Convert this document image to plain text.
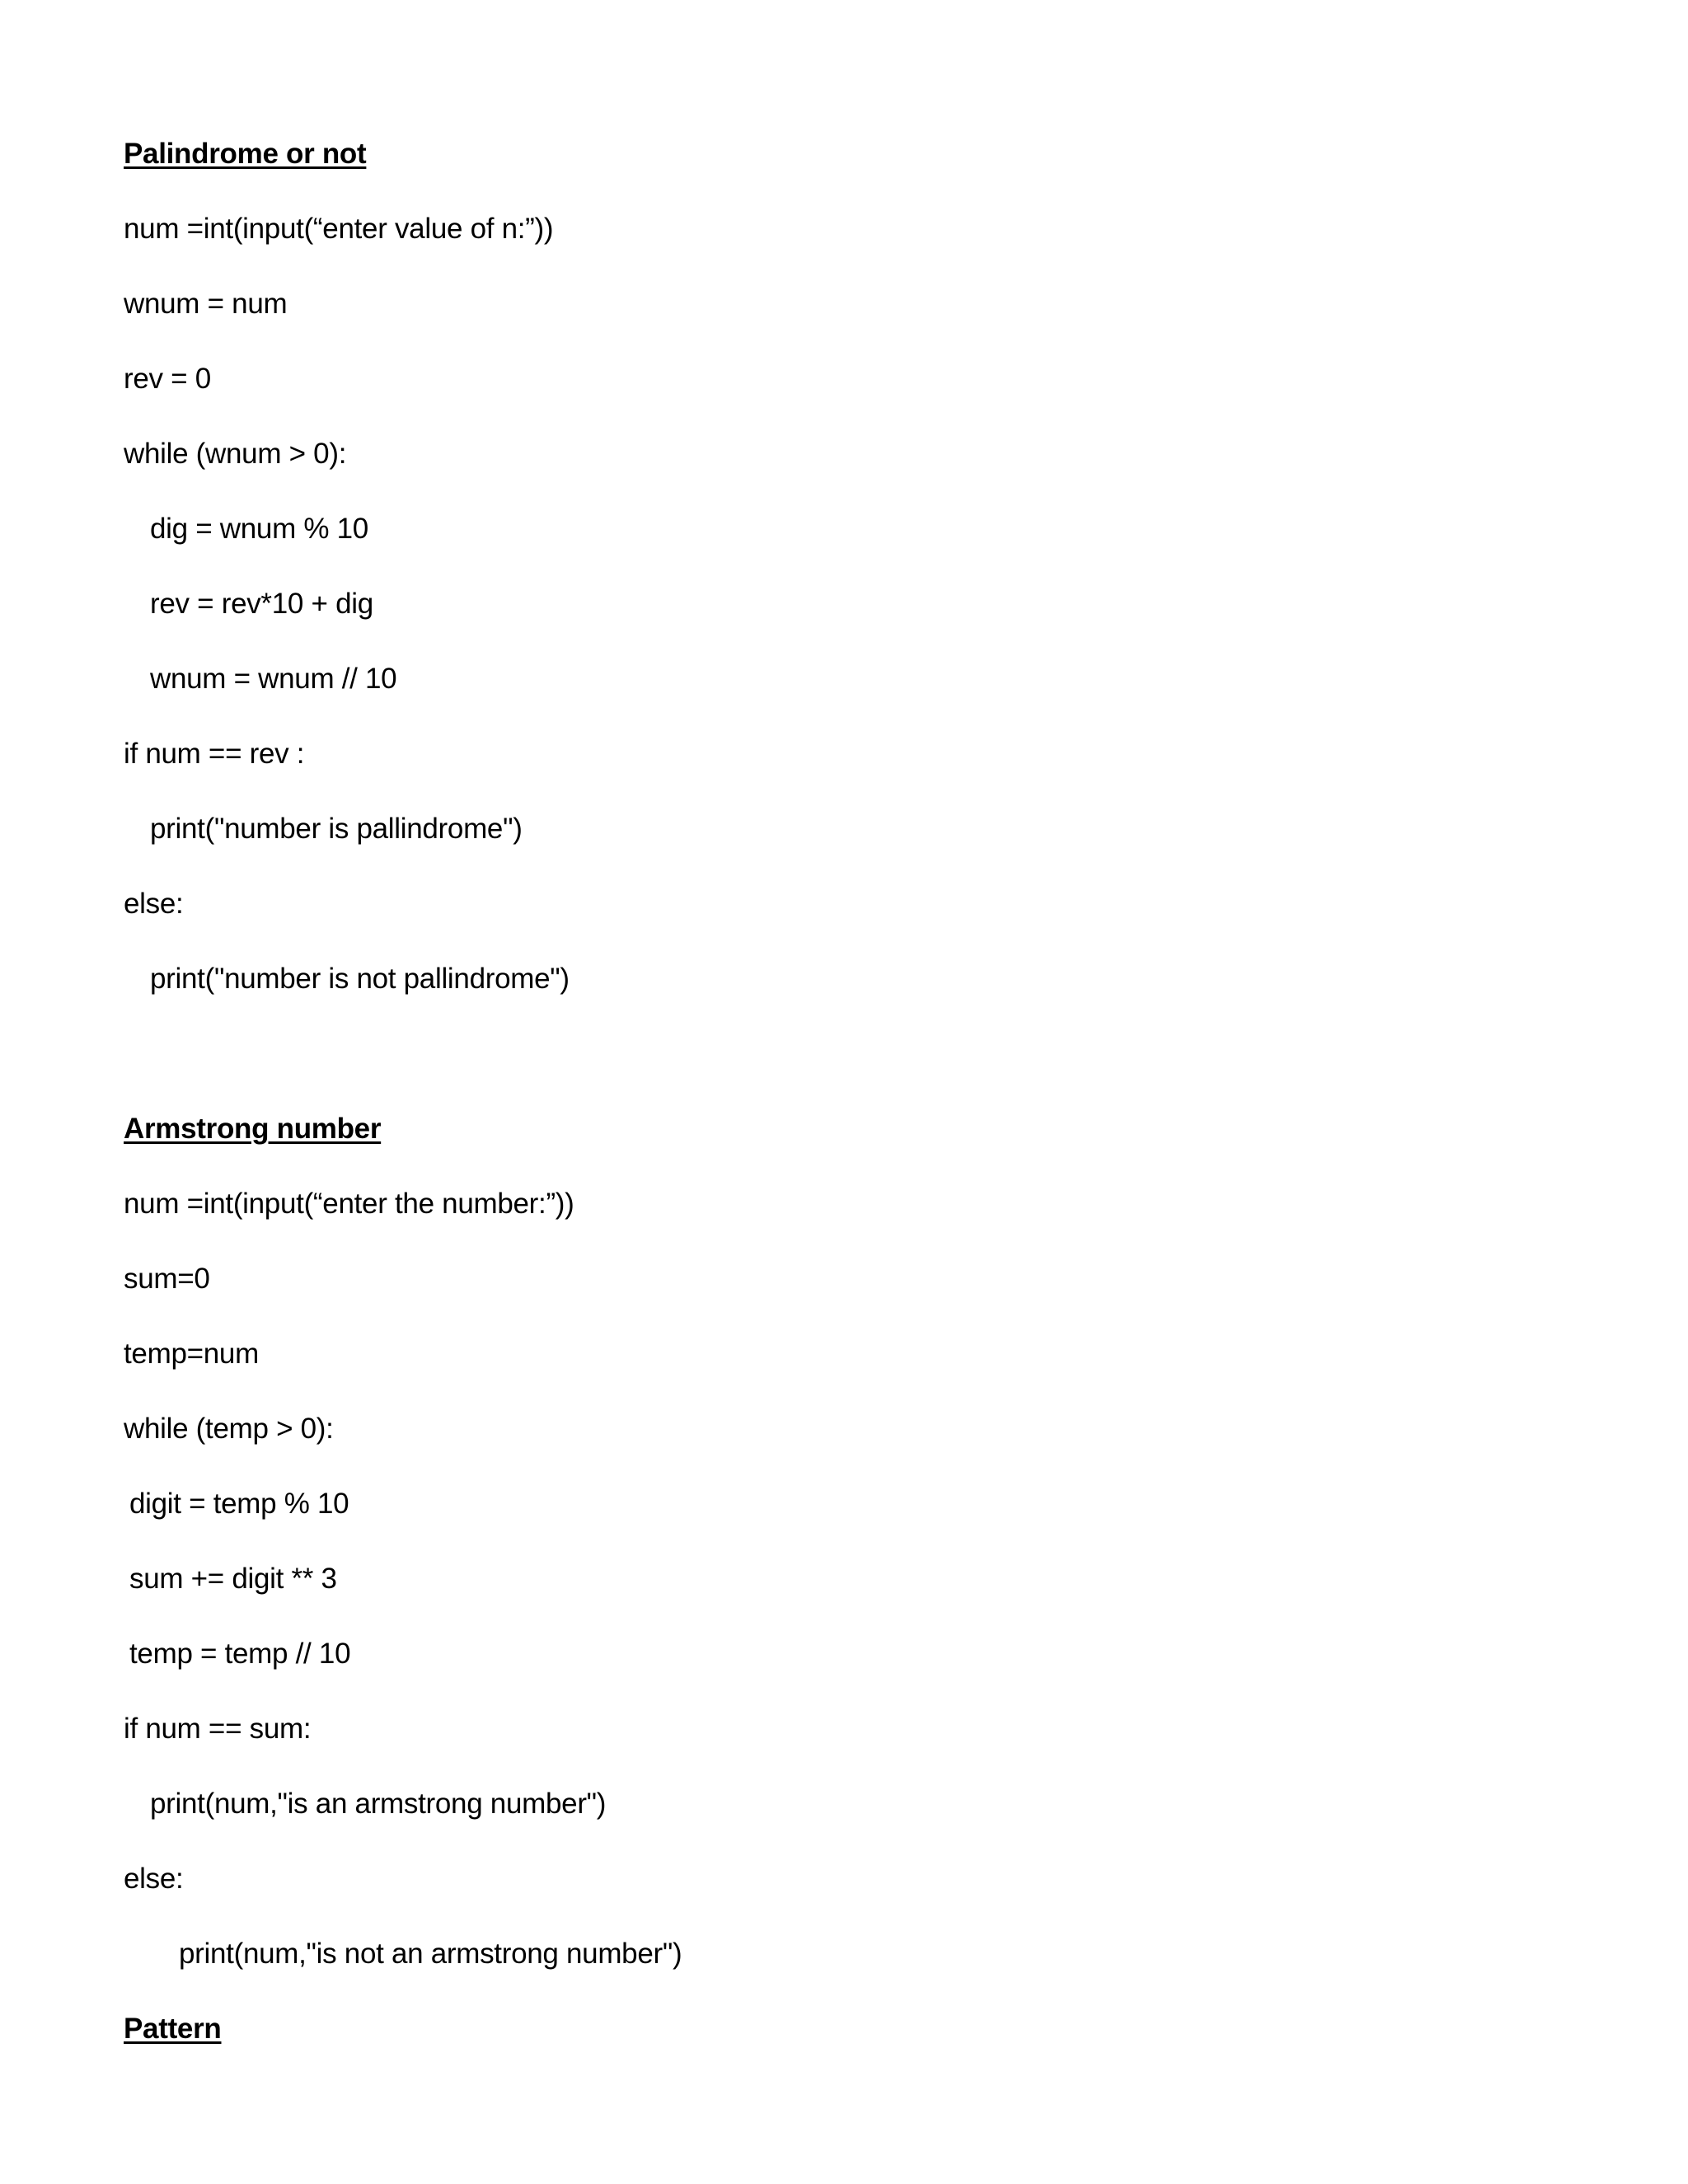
Palindrome or not
num =int(input(“enter value of n:”))
wnum = num
rev = 0
while (wnum > 0):
dig = wnum % 10
rev = rev*10 + dig
wnum = wnum // 10
if num == rev :
print("number is pallindrome")
else:
print("number is not pallindrome")
Armstrong number
num =int(input(“enter the number:”))
sum=0
temp=num
while (temp > 0):
digit = temp % 10
sum += digit ** 3
temp = temp // 10
if num == sum:
print(num,"is an armstrong number")
else:
print(num,"is not an armstrong number")
Pattern
